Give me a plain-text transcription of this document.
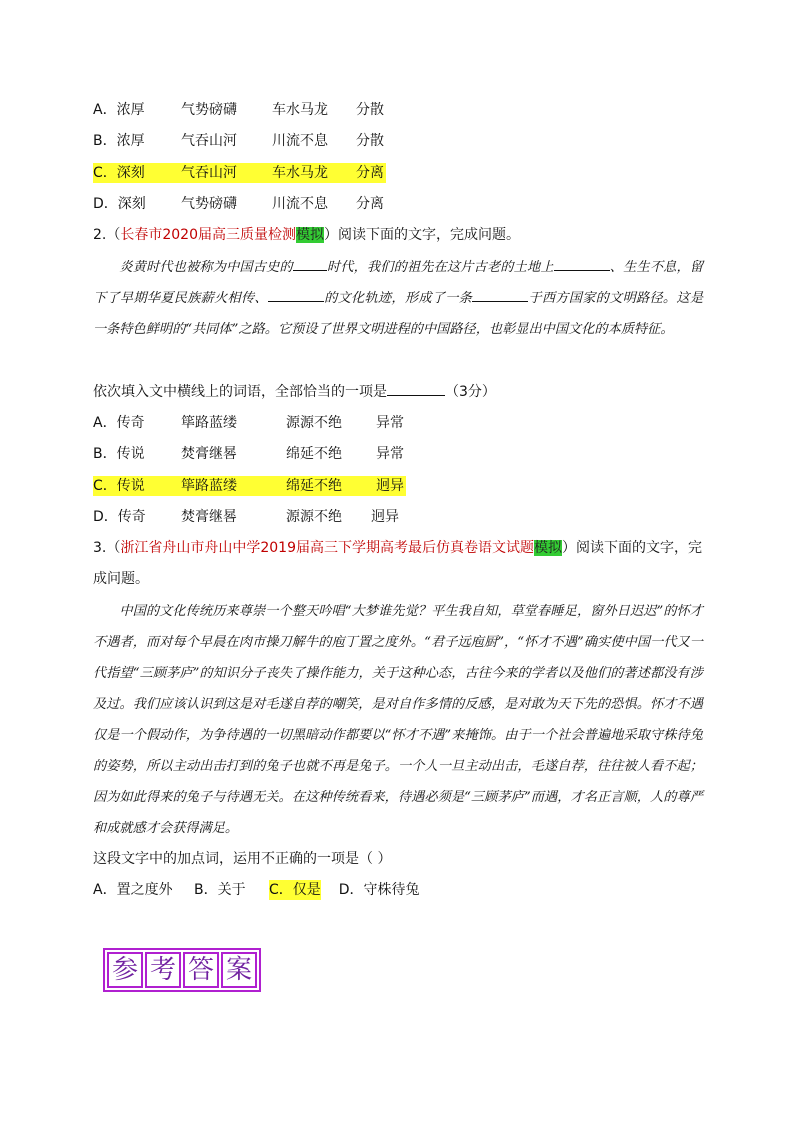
A．浓厚	气势磅礴	车水马龙 分散
B．浓厚	气吞山河	川流不息 分散
C．深刻	气吞山河	车水马龙 分离
D．深刻	气势磅礴	川流不息 分离
2.（长春市2020届高三质量检测模拟）阅读下面的文字，完成问题。

炎黄时代也被称为中国古史的	时代，我们的祖先在这片古老的土地上	、生生不息，留下了早期华夏民族薪火相传、	的文化轨迹，形成了一条	于西方国家的文明路径。这是一条特色鲜明的“共同体”之路。它预设了世界文明进程的中国路径，也彰显出中国文化的本质特征。

依次填入文中横线上的词语，全部恰当的一项是	（3分）
A．传奇	筚路蓝缕	源源不绝 异常
B．传说	焚膏继晷	绵延不绝 异常
C．传说	筚路蓝缕	绵延不绝 迥异
D．传奇	焚膏继晷	源源不绝 迥异
3.（浙江省舟山市舟山中学2019届高三下学期高考最后仿真卷语文试题模拟）阅读下面的文字，完
成问题。

中国的文化传统历来尊崇一个整天吟唱“大梦谁先觉？平生我自知，草堂春睡足，窗外日迟迟”的怀才不遇者，而对每个早晨在肉市操刀解牛的庖丁置之度外。“君子远庖厨”，“怀才不遇”确实使中国一代又一代指望“三顾茅庐”的知识分子丧失了操作能力，关于这种心态，古往今来的学者以及他们的著述都没有涉及过。我们应该认识到这是对毛遂自荐的嘲笑，是对自作多情的反感，是对敢为天下先的恐惧。怀才不遇仅是一个假动作，为争待遇的一切黑暗动作都要以“怀才不遇”来掩饰。由于一个社会普遍地采取守株待兔的姿势，所以主动出击打到的兔子也就不再是兔子。一个人一旦主动出击，毛遂自荐，往往被人看不起；因为如此得来的兔子与待遇无关。在这种传统看来，待遇必须是“三顾茅庐”而遇，才名正言顺，人的尊严和成就感才会获得满足。

这段文字中的加点词，运用不正确的一项是（ ）
A．置之度外 B．关于 C．仅是 D．守株待兔
参 考 答 案
